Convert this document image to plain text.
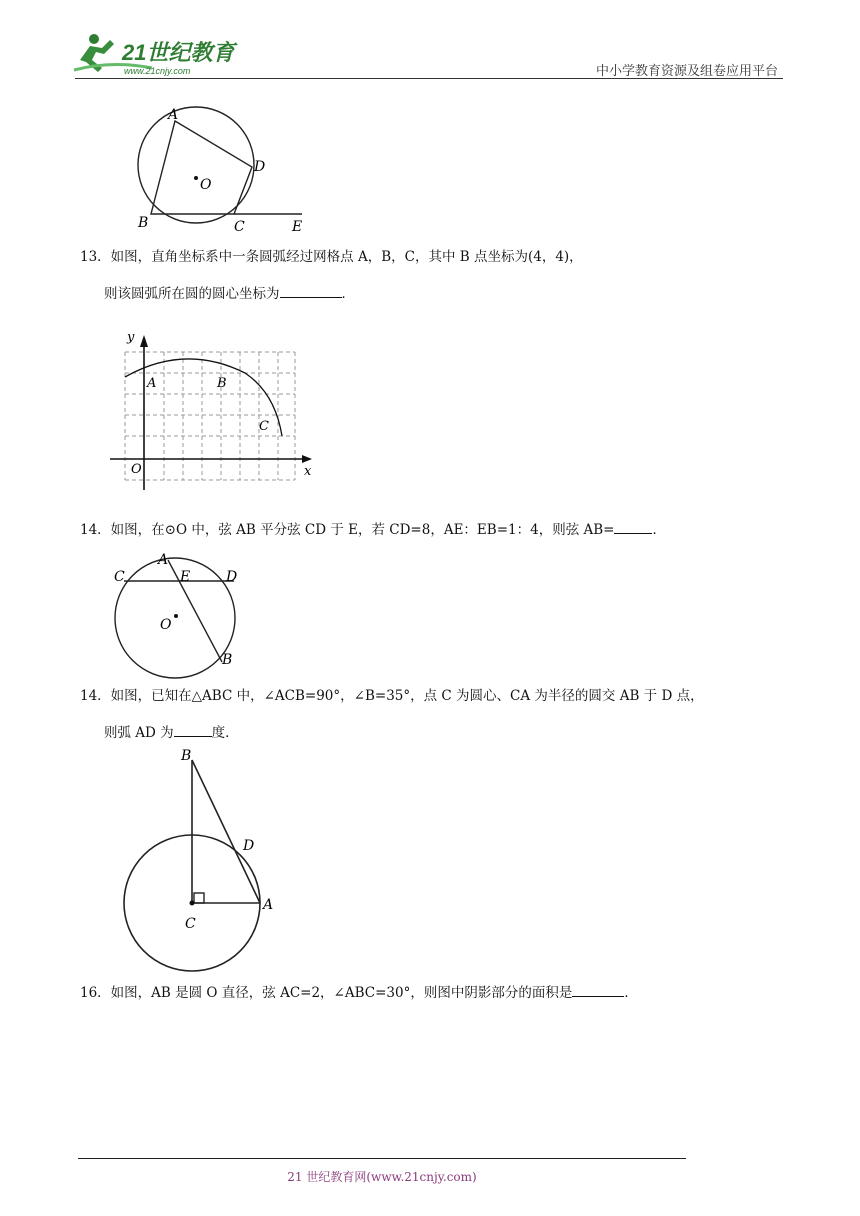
21世纪教育
www.21cnjy.com	中小学教育资源及组卷应用平台
A
D
O
B	C	E
13．如图，直角坐标系中一条圆弧经过网格点 A，B，C，其中 B 点坐标为(4，4)，
则该圆弧所在圆的圆心坐标为	．
y
A	B
C
O	x
14．如图，在⊙O 中，弦 AB 平分弦 CD 于 E，若 CD=8，AE：EB=1：4，则弦 AB=	．
A
C	E	D
O
B
14．如图，已知在△ABC 中，∠ACB=90°，∠B=35°，点 C 为圆心、CA 为半径的圆交 AB 于 D 点，
则弧 AD 为	度．
B
D
C
A
16．如图，AB 是圆 O 直径，弦 AC=2，∠ABC=30°，则图中阴影部分的面积是	．
21 世纪教育网(www.21cnjy.com)
